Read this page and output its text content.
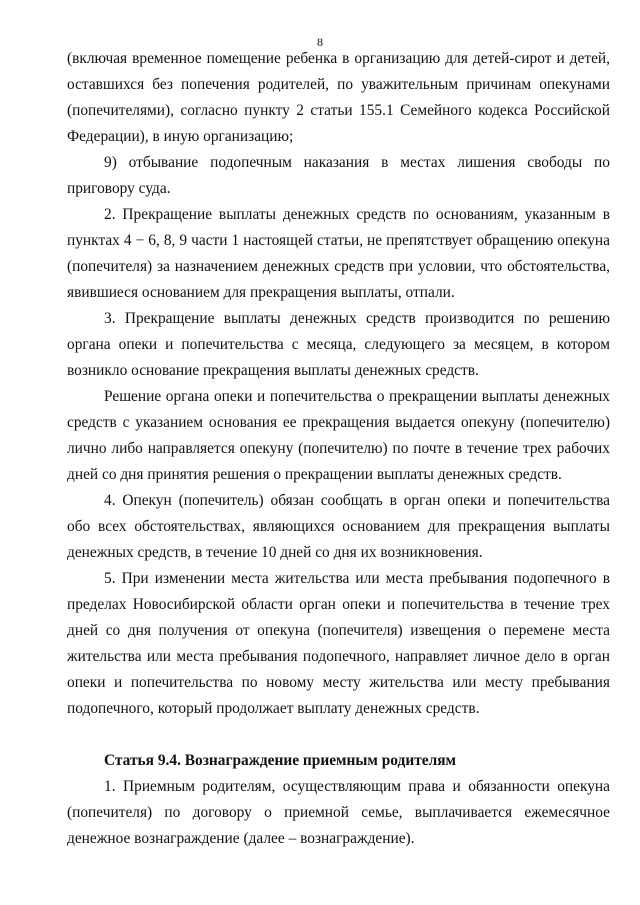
8

(включая временное помещение ребенка в организацию для детей-сирот и детей, оставшихся без попечения родителей, по уважительным причинам опекунами (попечителями), согласно пункту 2 статьи 155.1 Семейного кодекса Российской Федерации), в иную организацию;

9) отбывание подопечным наказания в местах лишения свободы по приговору суда.

2. Прекращение выплаты денежных средств по основаниям, указанным в пунктах 4 − 6, 8, 9 части 1 настоящей статьи, не препятствует обращению опекуна (попечителя) за назначением денежных средств при условии, что обстоятельства, явившиеся основанием для прекращения выплаты, отпали.

3. Прекращение выплаты денежных средств производится по решению органа опеки и попечительства с месяца, следующего за месяцем, в котором возникло основание прекращения выплаты денежных средств.

Решение органа опеки и попечительства о прекращении выплаты денежных средств с указанием основания ее прекращения выдается опекуну (попечителю) лично либо направляется опекуну (попечителю) по почте в течение трех рабочих дней со дня принятия решения о прекращении выплаты денежных средств.

4. Опекун (попечитель) обязан сообщать в орган опеки и попечительства обо всех обстоятельствах, являющихся основанием для прекращения выплаты денежных средств, в течение 10 дней со дня их возникновения.

5. При изменении места жительства или места пребывания подопечного в пределах Новосибирской области орган опеки и попечительства в течение трех дней со дня получения от опекуна (попечителя) извещения о перемене места жительства или места пребывания подопечного, направляет личное дело в орган опеки и попечительства по новому месту жительства или месту пребывания подопечного, который продолжает выплату денежных средств.

Статья 9.4. Вознаграждение приемным родителям

1. Приемным родителям, осуществляющим права и обязанности опекуна (попечителя) по договору о приемной семье, выплачивается ежемесячное денежное вознаграждение (далее – вознаграждение).
